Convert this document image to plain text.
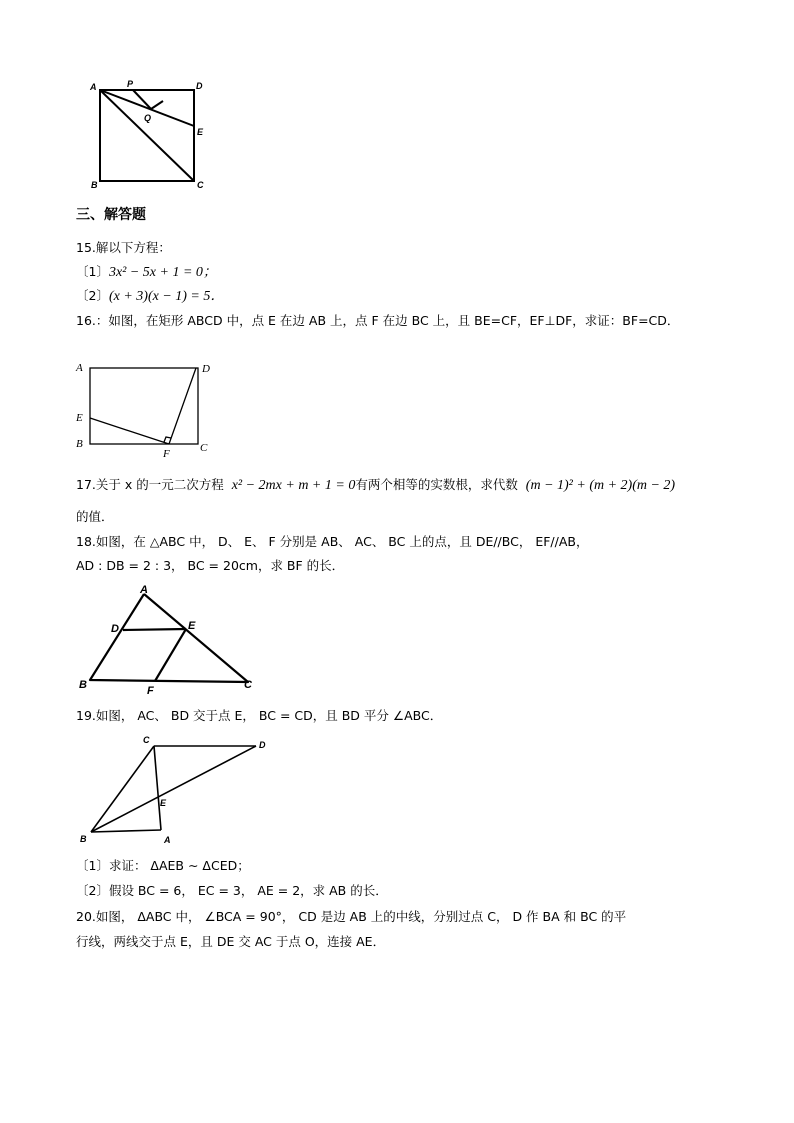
A	P	D
Q
E
B	C
三、解答题
15.解以下方程：
〔1〕3x² − 5x + 1 = 0；
〔2〕(x + 3)(x − 1) = 5．
16.：如图，在矩形 ABCD 中，点 E 在边 AB 上，点 F 在边 BC 上，且 BE=CF，EF⊥DF，求证：BF=CD．
A	D
E
B
F	C
17.关于 x 的一元二次方程 x² − 2mx + m + 1 = 0有两个相等的实数根，求代数 (m − 1)² + (m + 2)(m − 2)
的值．
18.如图，在 △ABC 中， D、 E、 F 分别是 AB、 AC、 BC 上的点，且 DE//BC， EF//AB，
AD : DB = 2 : 3， BC = 20cm，求 BF 的长．
A
D	E
B	F	C
19.如图， AC、 BD 交于点 E， BC = CD，且 BD 平分 ∠ABC．
C	D
E
B	A
〔1〕求证： ΔAEB ∼ ΔCED；
〔2〕假设 BC = 6， EC = 3， AE = 2，求 AB 的长．
20.如图， ΔABC 中， ∠BCA = 90°， CD 是边 AB 上的中线，分别过点 C， D 作 BA 和 BC 的平
行线，两线交于点 E，且 DE 交 AC 于点 O，连接 AE．
